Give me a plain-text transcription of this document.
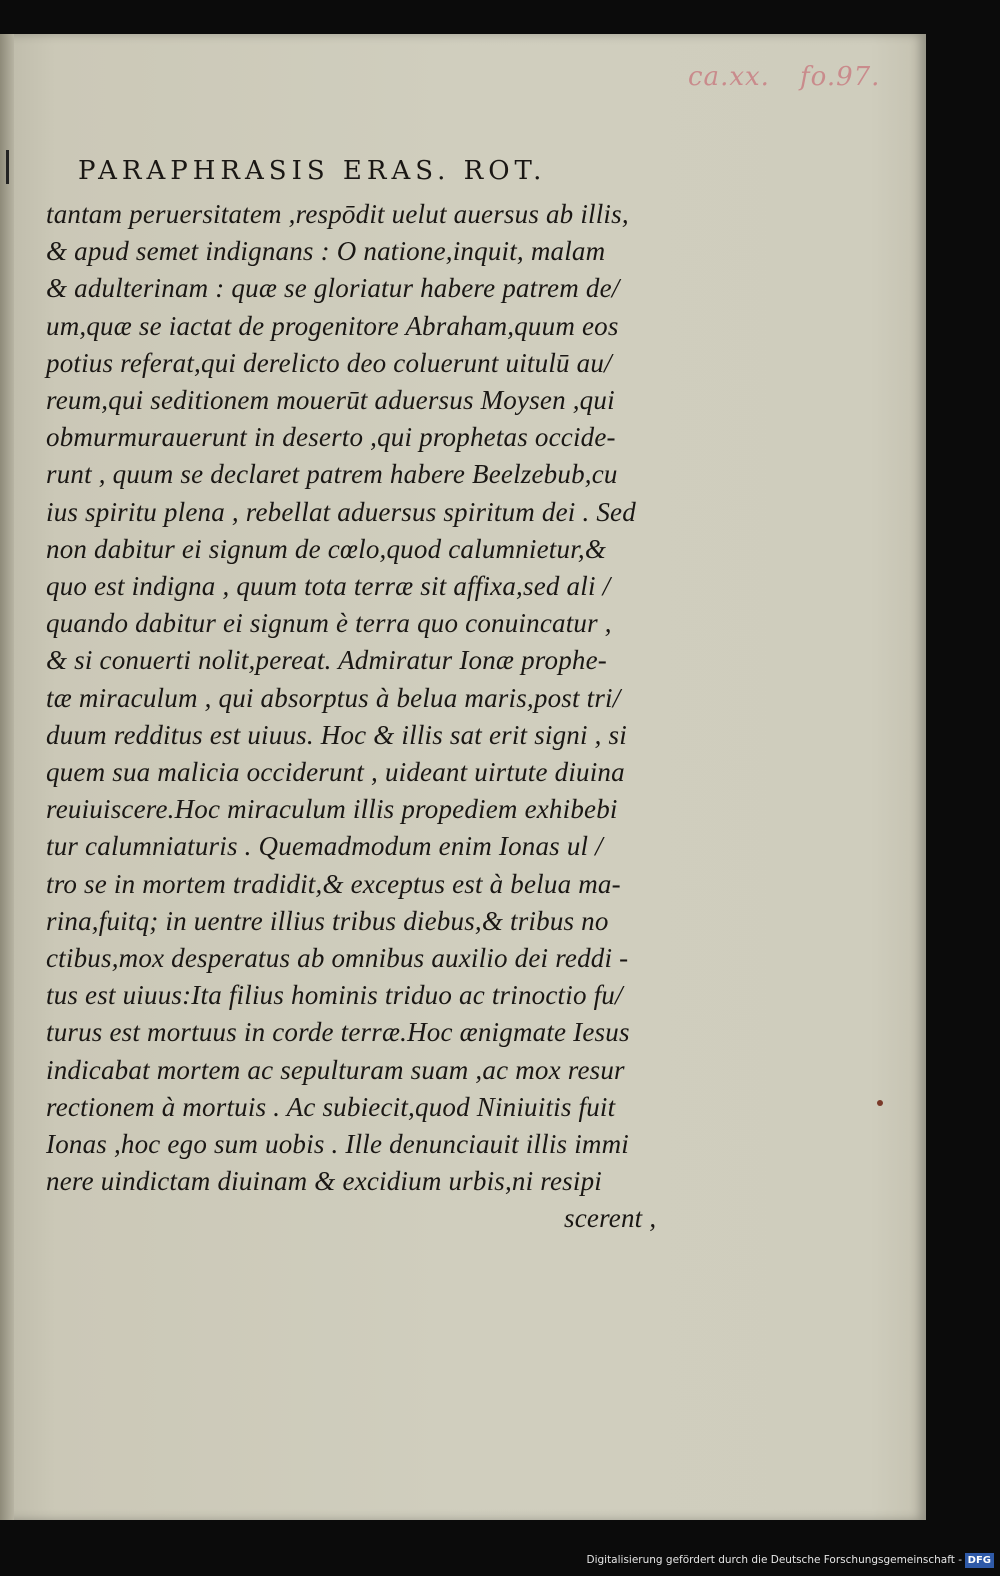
ca.xx. fo.97.
PARAPHRASIS ERAS. ROT.
tantam peruersitatem ,respōdit uelut auersus ab illis,
& apud semet indignans : O natione,inquit, malam
& adulterinam : quæ se gloriatur habere patrem de/
um,quæ se iactat de progenitore Abraham,quum eos
potius referat,qui derelicto deo coluerunt uitulū au/
reum,qui seditionem mouerūt aduersus Moysen ,qui
obmurmurauerunt in deserto ,qui prophetas occide-
runt , quum se declaret patrem habere Beelzebub,cu
ius spiritu plena , rebellat aduersus spiritum dei . Sed
non dabitur ei signum de cœlo,quod calumnietur,&
quo est indigna , quum tota terræ sit affixa,sed ali /
quando dabitur ei signum è terra quo conuincatur ,
& si conuerti nolit,pereat. Admiratur Ionæ prophe-
tæ miraculum , qui absorptus à belua maris,post tri/
duum redditus est uiuus. Hoc & illis sat erit signi , si
quem sua malicia occiderunt , uideant uirtute diuina
reuiuiscere.Hoc miraculum illis propediem exhibebi
tur calumniaturis . Quemadmodum enim Ionas ul /
tro se in mortem tradidit,& exceptus est à belua ma-
rina,fuitq; in uentre illius tribus diebus,& tribus no
ctibus,mox desperatus ab omnibus auxilio dei reddi -
tus est uiuus:Ita filius hominis triduo ac trinoctio fu/
turus est mortuus in corde terræ.Hoc ænigmate Iesus
indicabat mortem ac sepulturam suam ,ac mox resur
rectionem à mortuis . Ac subiecit,quod Niniuitis fuit
Ionas ,hoc ego sum uobis . Ille denunciauit illis immi
nere uindictam diuinam & excidium urbis,ni resipi
scerent ,
Digitalisierung gefördert durch die Deutsche Forschungsgemeinschaft - DFG
